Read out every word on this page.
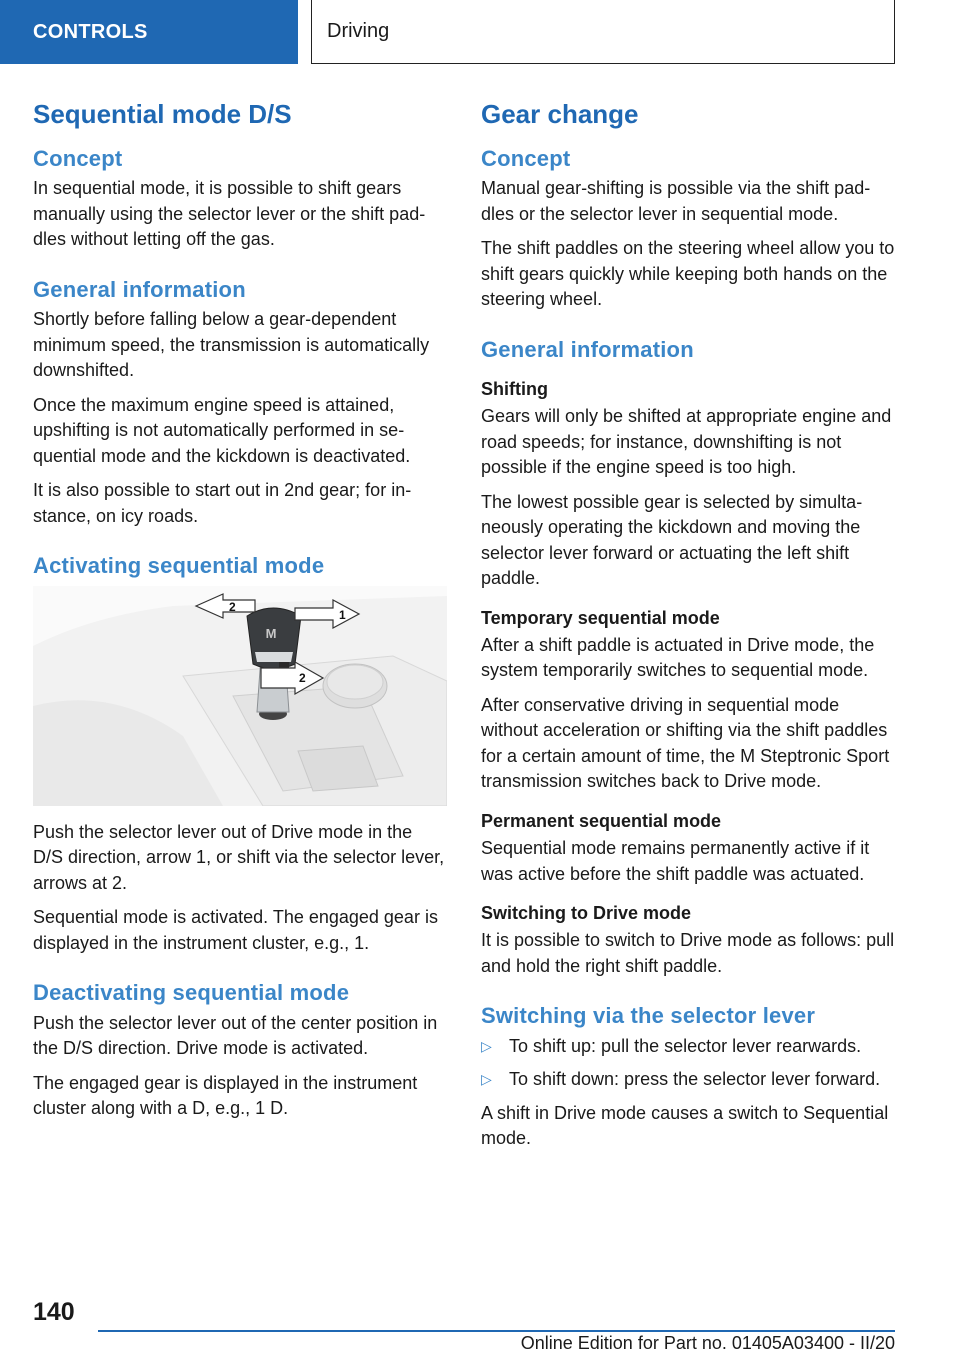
CONTROLS	Driving
Sequential mode D/S
Concept

In sequential mode, it is possible to shift gears manually using the selector lever or the shift paddles without letting off the gas.

General information

Shortly before falling below a gear-dependent minimum speed, the transmission is automatically downshifted.

Once the maximum engine speed is attained, upshifting is not automatically performed in sequential mode and the kickdown is deactivated.

It is also possible to start out in 2nd gear; for instance, on icy roads.

Activating sequential mode
M
2
1
2

Push the selector lever out of Drive mode in the D/S direction, arrow 1, or shift via the selector lever, arrows at 2.

Sequential mode is activated. The engaged gear is displayed in the instrument cluster, e.g., 1.

Deactivating sequential mode

Push the selector lever out of the center position in the D/S direction. Drive mode is activated.

The engaged gear is displayed in the instrument cluster along with a D, e.g., 1 D.

Gear change
Concept

Manual gear-shifting is possible via the shift paddles or the selector lever in sequential mode.

The shift paddles on the steering wheel allow you to shift gears quickly while keeping both hands on the steering wheel.

General information
Shifting

Gears will only be shifted at appropriate engine and road speeds; for instance, downshifting is not possible if the engine speed is too high.

The lowest possible gear is selected by simultaneously operating the kickdown and moving the selector lever forward or actuating the left shift paddle.

Temporary sequential mode

After a shift paddle is actuated in Drive mode, the system temporarily switches to sequential mode.

After conservative driving in sequential mode without acceleration or shifting via the shift paddles for a certain amount of time, the M Steptronic Sport transmission switches back to Drive mode.

Permanent sequential mode

Sequential mode remains permanently active if it was active before the shift paddle was actuated.

Switching to Drive mode

It is possible to switch to Drive mode as follows: pull and hold the right shift paddle.

Switching via the selector lever
▷ To shift up: pull the selector lever rearwards.
▷ To shift down: press the selector lever forward.

A shift in Drive mode causes a switch to Sequential mode.

140
Online Edition for Part no. 01405A03400 - II/20
